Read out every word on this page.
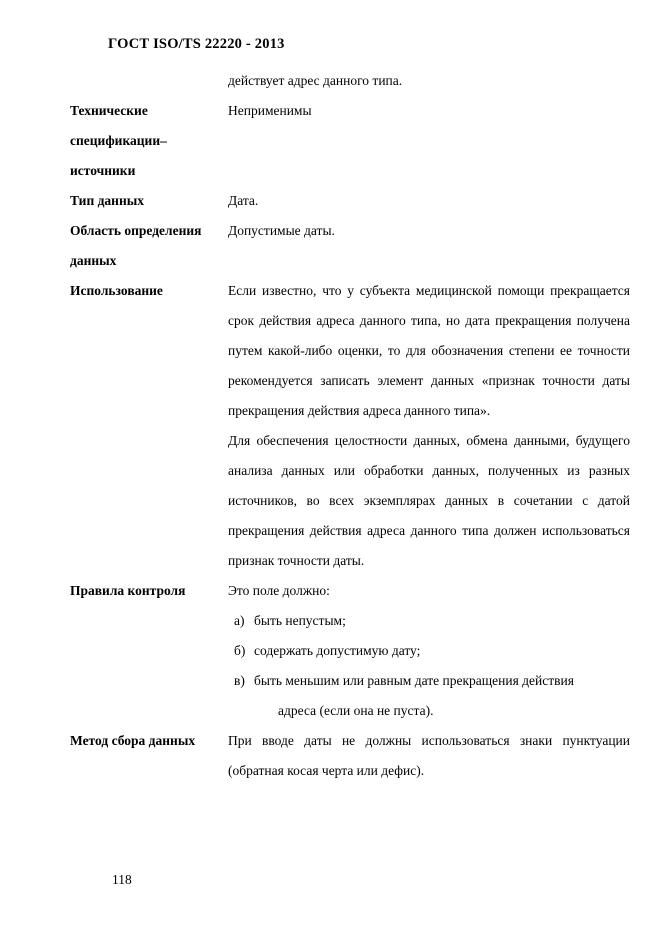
ГОСТ ISO/TS 22220 - 2013

действует адрес данного типа.

Технические спецификации– источники	Неприменимы

Тип данных	Дата.

Область определения данных	Допустимые даты.

Использование	Если известно, что у субъекта медицинской помощи прекращается срок действия адреса данного типа, но дата прекращения получена путем какой-либо оценки, то для обозначения степени ее точности рекомендуется записать элемент данных «признак точности даты прекращения действия адреса данного типа».

Для обеспечения целостности данных, обмена данными, будущего анализа данных или обработки данных, полученных из разных источников, во всех экземплярах данных в сочетании с датой прекращения действия адреса данного типа должен использоваться признак точности даты.

Правила контроля	Это поле должно:

а) быть непустым;
б) содержать допустимую дату;
в) быть меньшим или равным дате прекращения действия
адреса (если она не пуста).

Метод сбора данных	При вводе даты не должны использоваться знаки пунктуации (обратная косая черта или дефис).

118
